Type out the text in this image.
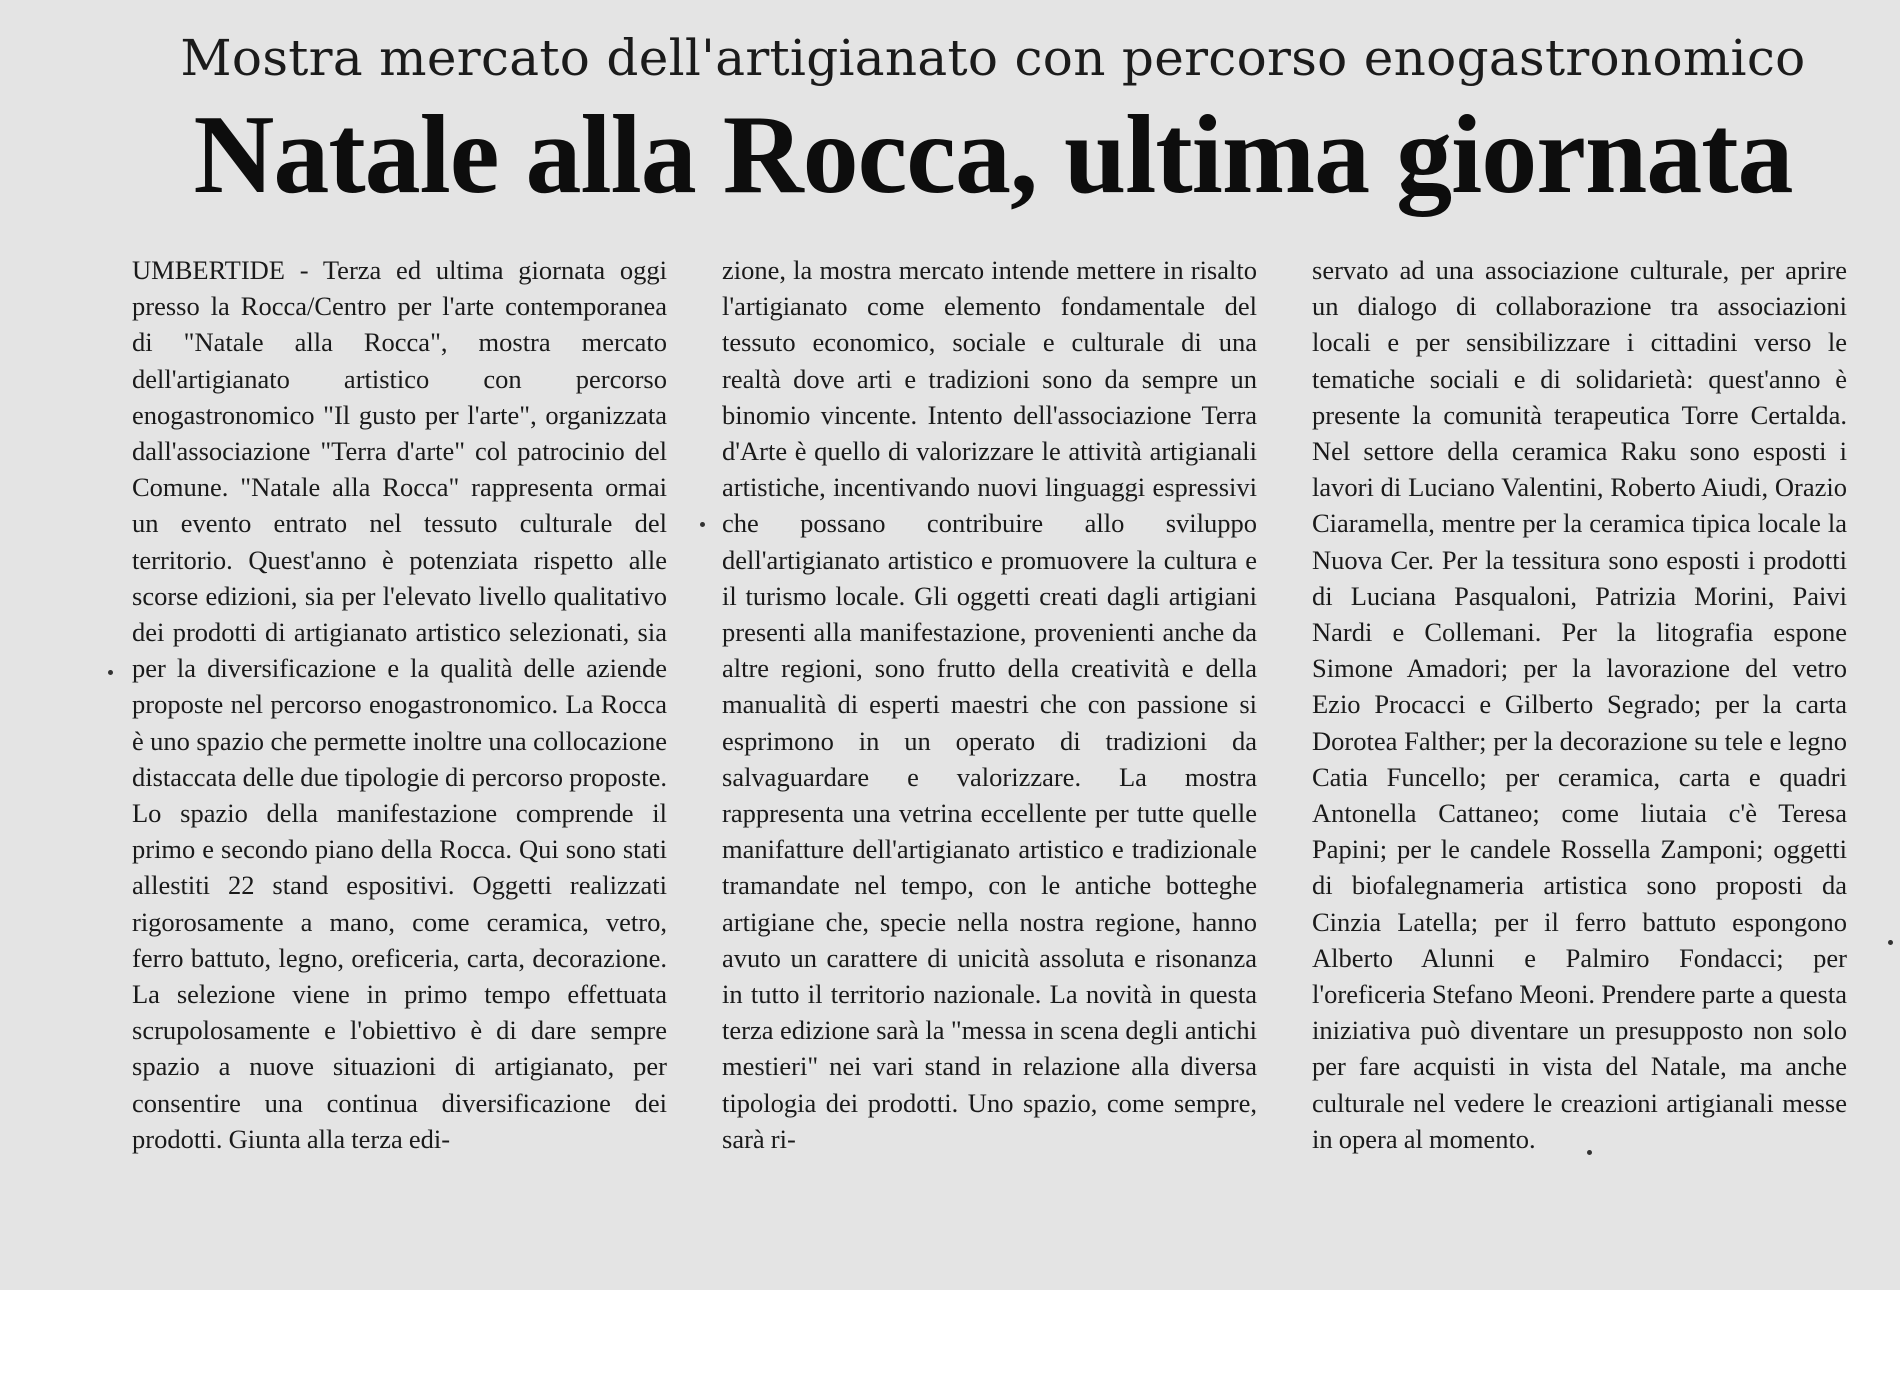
Mostra mercato dell'artigianato con percorso enogastronomico
Natale alla Rocca, ultima giornata

UMBERTIDE - Terza ed ultima giornata oggi presso la Rocca/Centro per l'arte contemporanea di "Natale alla Rocca", mostra mercato dell'artigianato artistico con percorso enogastronomico "Il gusto per l'arte", organizzata dall'associazione "Terra d'arte" col patrocinio del Comune. "Natale alla Rocca" rappresenta ormai un evento entrato nel tessuto culturale del territorio. Quest'anno è potenziata rispetto alle scorse edizioni, sia per l'elevato livello qualitativo dei prodotti di artigianato artistico selezionati, sia per la diversificazione e la qualità delle aziende proposte nel percorso enogastronomico. La Rocca è uno spazio che permette inoltre una collocazione distaccata delle due tipologie di percorso proposte. Lo spazio della manifestazione comprende il primo e secondo piano della Rocca. Qui sono stati allestiti 22 stand espositivi. Oggetti realizzati rigorosamente a mano, come ceramica, vetro, ferro battuto, legno, oreficeria, carta, decorazione. La selezione viene in primo tempo effettuata scrupolosamente e l'obiettivo è di dare sempre spazio a nuove situazioni di artigianato, per consentire una continua diversificazione dei prodotti. Giunta alla terza edi-

zione, la mostra mercato intende mettere in risalto l'artigianato come elemento fondamentale del tessuto economico, sociale e culturale di una realtà dove arti e tradizioni sono da sempre un binomio vincente. Intento dell'associazione Terra d'Arte è quello di valorizzare le attività artigianali artistiche, incentivando nuovi linguaggi espressivi che possano contribuire allo sviluppo dell'artigianato artistico e promuovere la cultura e il turismo locale. Gli oggetti creati dagli artigiani presenti alla manifestazione, provenienti anche da altre regioni, sono frutto della creatività e della manualità di esperti maestri che con passione si esprimono in un operato di tradizioni da salvaguardare e valorizzare. La mostra rappresenta una vetrina eccellente per tutte quelle manifatture dell'artigianato artistico e tradizionale tramandate nel tempo, con le antiche botteghe artigiane che, specie nella nostra regione, hanno avuto un carattere di unicità assoluta e risonanza in tutto il territorio nazionale. La novità in questa terza edizione sarà la "messa in scena degli antichi mestieri" nei vari stand in relazione alla diversa tipologia dei prodotti. Uno spazio, come sempre, sarà ri-

servato ad una associazione culturale, per aprire un dialogo di collaborazione tra associazioni locali e per sensibilizzare i cittadini verso le tematiche sociali e di solidarietà: quest'anno è presente la comunità terapeutica Torre Certalda. Nel settore della ceramica Raku sono esposti i lavori di Luciano Valentini, Roberto Aiudi, Orazio Ciaramella, mentre per la ceramica tipica locale la Nuova Cer. Per la tessitura sono esposti i prodotti di Luciana Pasqualoni, Patrizia Morini, Paivi Nardi e Collemani. Per la litografia espone Simone Amadori; per la lavorazione del vetro Ezio Procacci e Gilberto Segrado; per la carta Dorotea Falther; per la decorazione su tele e legno Catia Funcello; per ceramica, carta e quadri Antonella Cattaneo; come liutaia c'è Teresa Papini; per le candele Rossella Zamponi; oggetti di biofalegnameria artistica sono proposti da Cinzia Latella; per il ferro battuto espongono Alberto Alunni e Palmiro Fondacci; per l'oreficeria Stefano Meoni. Prendere parte a questa iniziativa può diventare un presupposto non solo per fare acquisti in vista del Natale, ma anche culturale nel vedere le creazioni artigianali messe in opera al momento.
